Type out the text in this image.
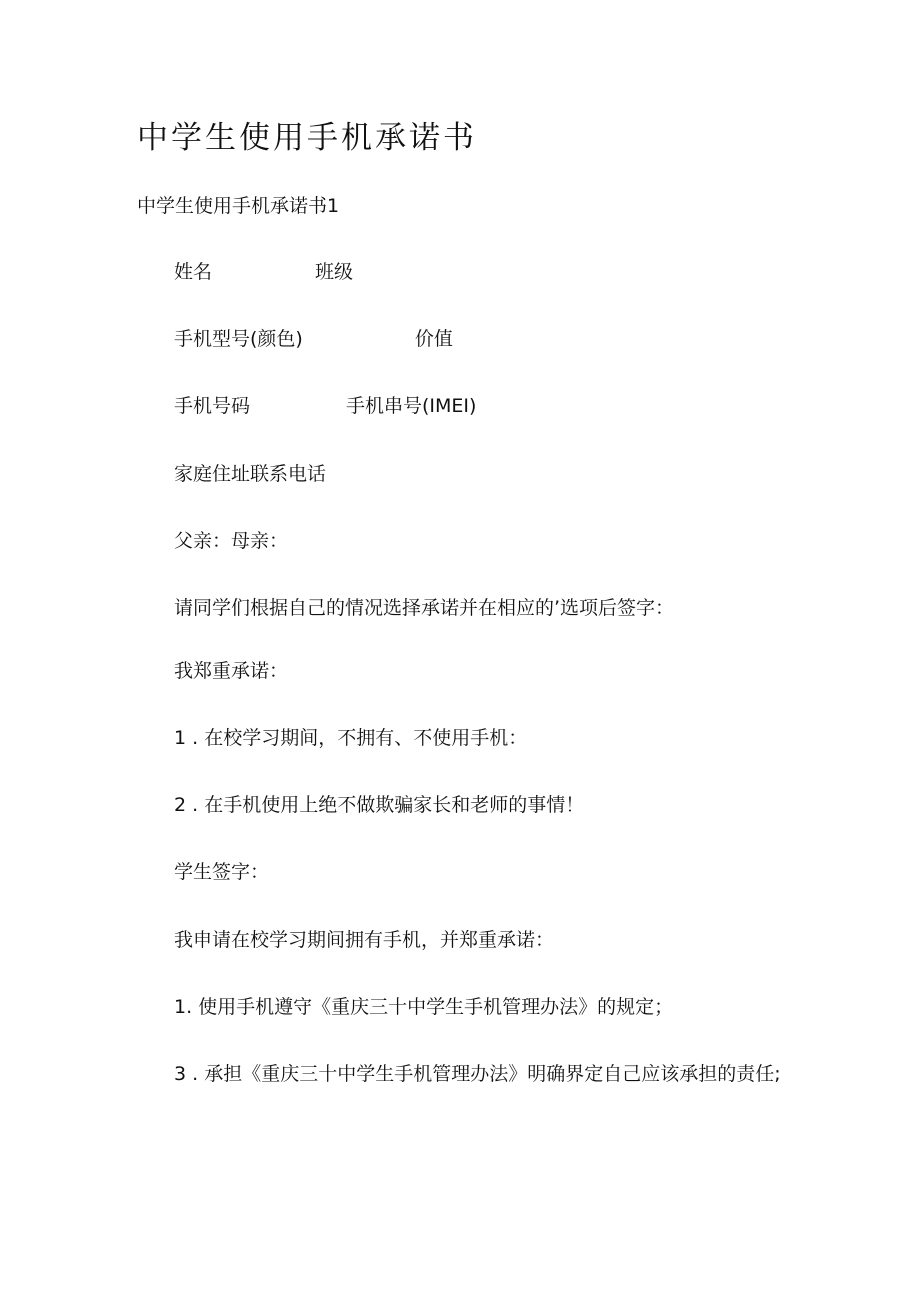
中学生使用手机承诺书
中学生使用手机承诺书1
姓名	班级
手机型号(颜色)	价值
手机号码	手机串号(IMEI)
家庭住址联系电话
父亲：母亲：
请同学们根据自己的情况选择承诺并在相应的’选项后签字：
我郑重承诺：
1 . 在校学习期间，不拥有、不使用手机：
2 . 在手机使用上绝不做欺骗家长和老师的事情！
学生签字：
我申请在校学习期间拥有手机，并郑重承诺：
1. 使用手机遵守《重庆三十中学生手机管理办法》的规定；
3 . 承担《重庆三十中学生手机管理办法》明确界定自己应该承担的责任;
